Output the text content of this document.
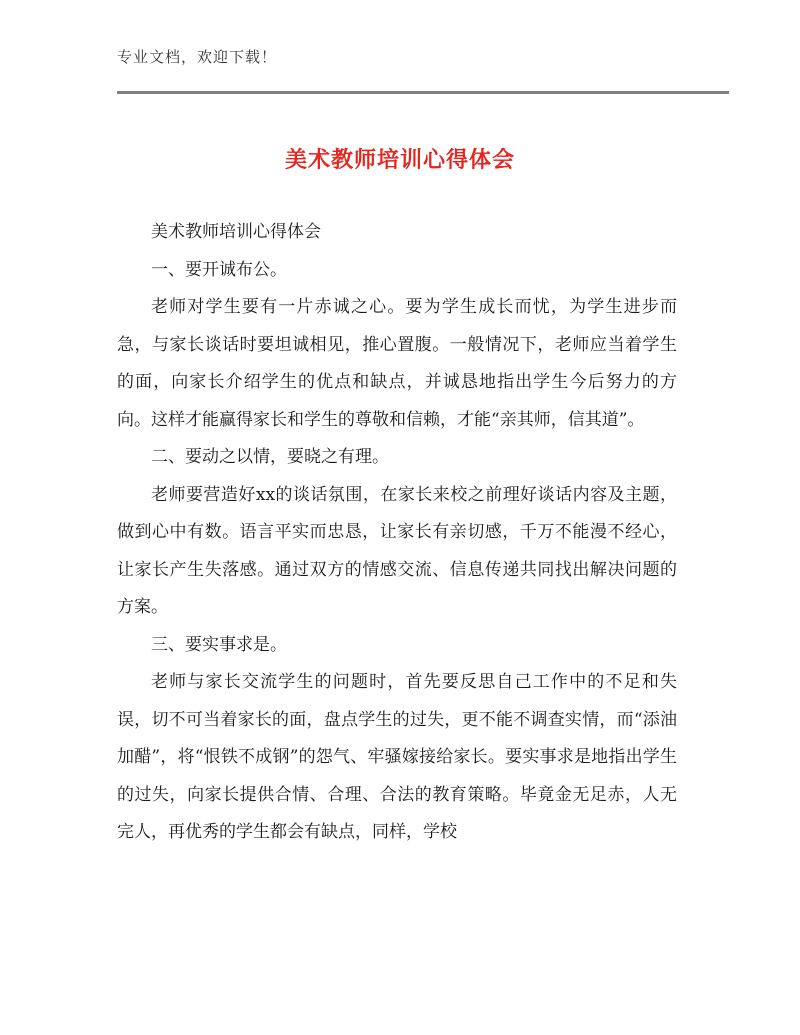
专业文档，欢迎下载！
美术教师培训心得体会

美术教师培训心得体会

一、要开诚布公。

老师对学生要有一片赤诚之心。要为学生成长而忧，为学生进步而急，与家长谈话时要坦诚相见，推心置腹。一般情况下，老师应当着学生的面，向家长介绍学生的优点和缺点，并诚恳地指出学生今后努力的方向。这样才能赢得家长和学生的尊敬和信赖，才能“亲其师，信其道”。

二、要动之以情，要晓之有理。

老师要营造好xx的谈话氛围，在家长来校之前理好谈话内容及主题，做到心中有数。语言平实而忠恳，让家长有亲切感，千万不能漫不经心，让家长产生失落感。通过双方的情感交流、信息传递共同找出解决问题的方案。

三、要实事求是。

老师与家长交流学生的问题时，首先要反思自己工作中的不足和失误，切不可当着家长的面，盘点学生的过失，更不能不调查实情，而“添油加醋”，将“恨铁不成钢”的怨气、牢骚嫁接给家长。要实事求是地指出学生的过失，向家长提供合情、合理、合法的教育策略。毕竟金无足赤，人无完人，再优秀的学生都会有缺点，同样，学校
